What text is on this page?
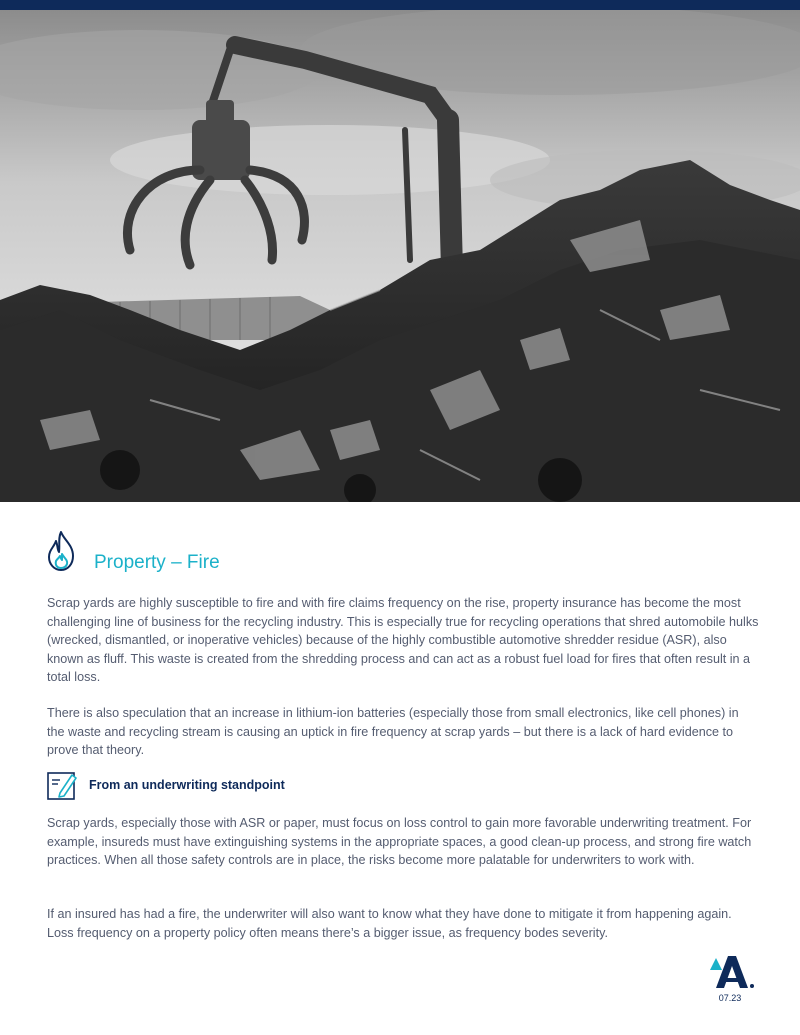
Property – Fire

Scrap yards are highly susceptible to fire and with fire claims frequency on the rise, property insurance has become the most challenging line of business for the recycling industry. This is especially true for recycling operations that shred automobile hulks (wrecked, dismantled, or inoperative vehicles) because of the highly combustible automotive shredder residue (ASR), also known as fluff. This waste is created from the shredding process and can act as a robust fuel load for fires that often result in a total loss.

There is also speculation that an increase in lithium-ion batteries (especially those from small electronics, like cell phones) in the waste and recycling stream is causing an uptick in fire frequency at scrap yards – but there is a lack of hard evidence to prove that theory.

From an underwriting standpoint

Scrap yards, especially those with ASR or paper, must focus on loss control to gain more favorable underwriting treatment. For example, insureds must have extinguishing systems in the appropriate spaces, a good clean-up process, and strong fire watch practices. When all those safety controls are in place, the risks become more palatable for underwriters to work with.

If an insured has had a fire, the underwriter will also want to know what they have done to mitigate it from happening again. Loss frequency on a property policy often means there’s a bigger issue, as frequency bodes severity.

07.23
